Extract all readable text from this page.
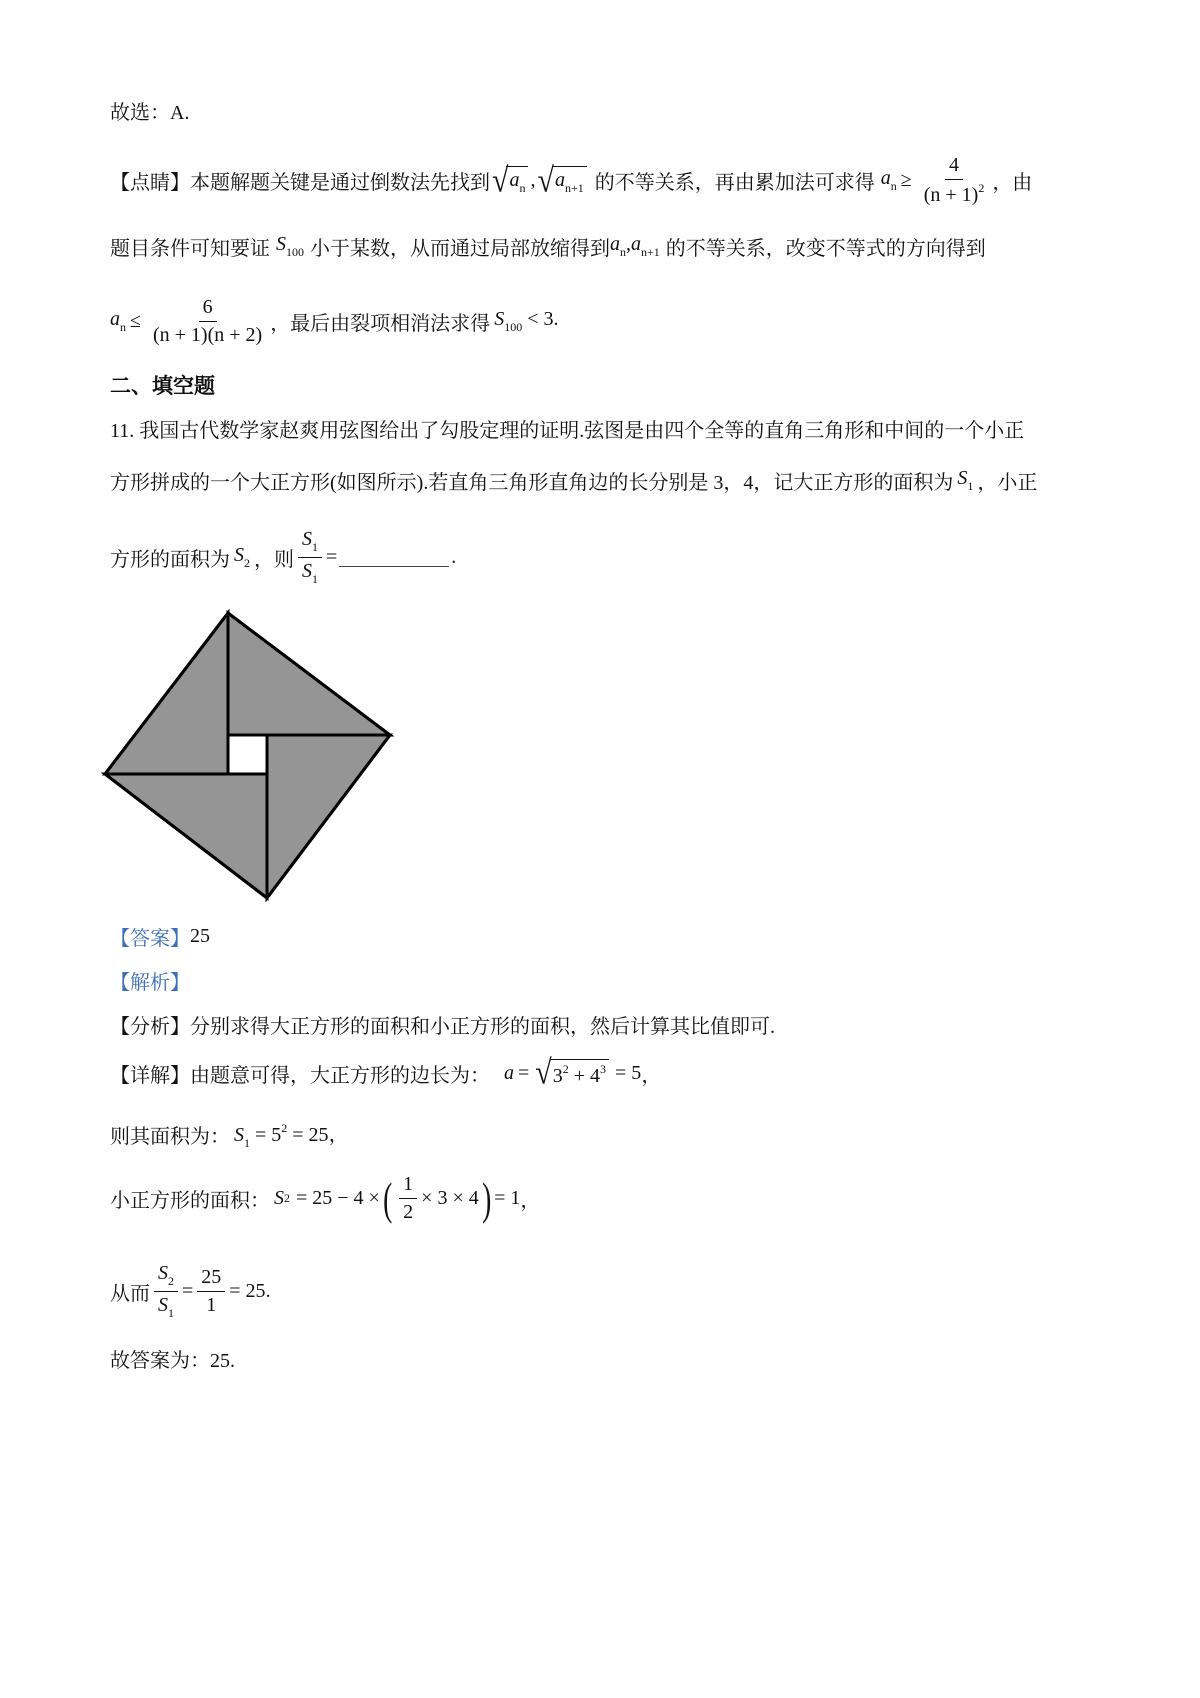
故选：A.
【点睛】 本题解题关键是通过倒数法先找到 √ $a_n$ , √ $a_{n+1}$ 的不等关系，再由累加法可求得 $a_n \ge \frac{4}{(n + 1)^2}$ ，由
题目条件可知要证 $S_{100}$ 小于某数，从而通过局部放缩得到 $a_n,a_{n+1}$ 的不等关系，改变不等式的方向得到
$a_n \le \frac{6}{(n + 1)(n + 2)}$ ，最后由裂项相消法求得 $S_{100} < 3$.
二、填空题
11. 我国古代数学家赵爽用弦图给出了勾股定理的证明.弦图是由四个全等的直角三角形和中间的一个小正
方形拼成的一个大正方形(如图所示).若直角三角形直角边的长分别是 3，4，记大正方形的面积为 $S_1$ ，小正
方形的面积为 $S_2$ ，则 $\frac{S_1}{S_1}$ =	.
【答案】 25
【解析】
【分析】 分别求得大正方形的面积和小正方形的面积，然后计算其比值即可.
【详解】 由题意可得，大正方形的边长为： a = √ $3^2 + 4^3 = 5$ ，
则其面积为： $S_1 = 5^2 = 25$，
小正方形的面积： S 2 = 25 − 4 × ( $\frac{1}{2} \times 3 \times 4$ ) = 1 ，
从而 $\frac{S_2}{S_1} = \frac{25}{1} = 25$ .
故答案为：25.
